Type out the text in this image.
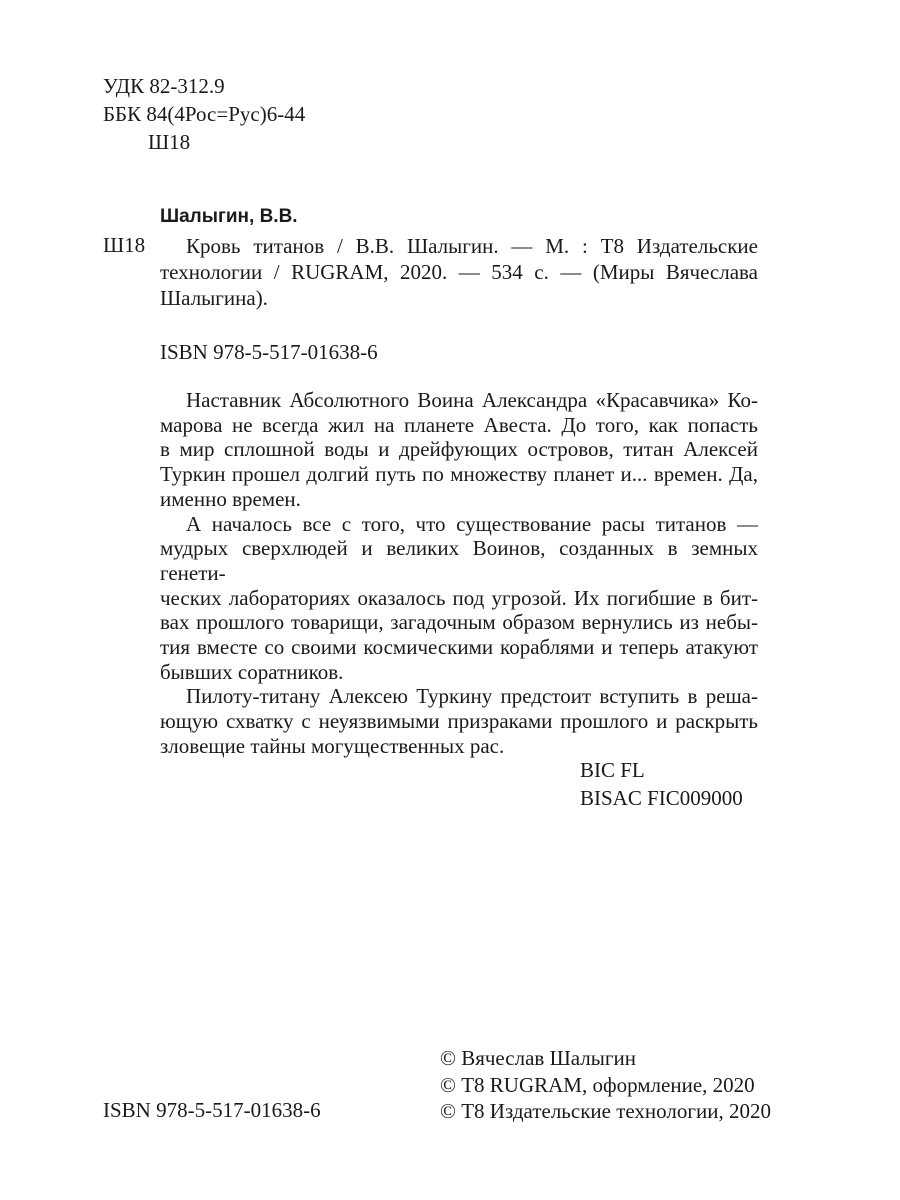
УДК 82-312.9
ББК 84(4Рос=Рус)6-44
Ш18
Шалыгин, В.В.
Ш18	Кровь титанов / В.В. Шалыгин. — М. : Т8 Издательские

технологии / RUGRAM, 2020. — 534 с. — (Миры Вячеслава

Шалыгина).

ISBN 978-5-517-01638-6

Наставник Абсолютного Воина Александра «Красавчика» Ко-

марова не всегда жил на планете Авеста. До того, как попасть

в мир сплошной воды и дрейфующих островов, титан Алексей

Туркин прошел долгий путь по множеству планет и... времен. Да,

именно времен.

А началось все с того, что существование расы титанов —

мудрых сверхлюдей и великих Воинов, созданных в земных генети-

ческих лабораториях оказалось под угрозой. Их погибшие в бит-

вах прошлого товарищи, загадочным образом вернулись из небы-

тия вместе со своими космическими кораблями и теперь атакуют

бывших соратников.

Пилоту-титану Алексею Туркину предстоит вступить в реша-

ющую схватку с неуязвимыми призраками прошлого и раскрыть

зловещие тайны могущественных рас.

BIC FL
BISAC FIC009000
© Вячеслав Шалыгин
© Т8 RUGRAM, оформление, 2020
© Т8 Издательские технологии, 2020
ISBN 978-5-517-01638-6
